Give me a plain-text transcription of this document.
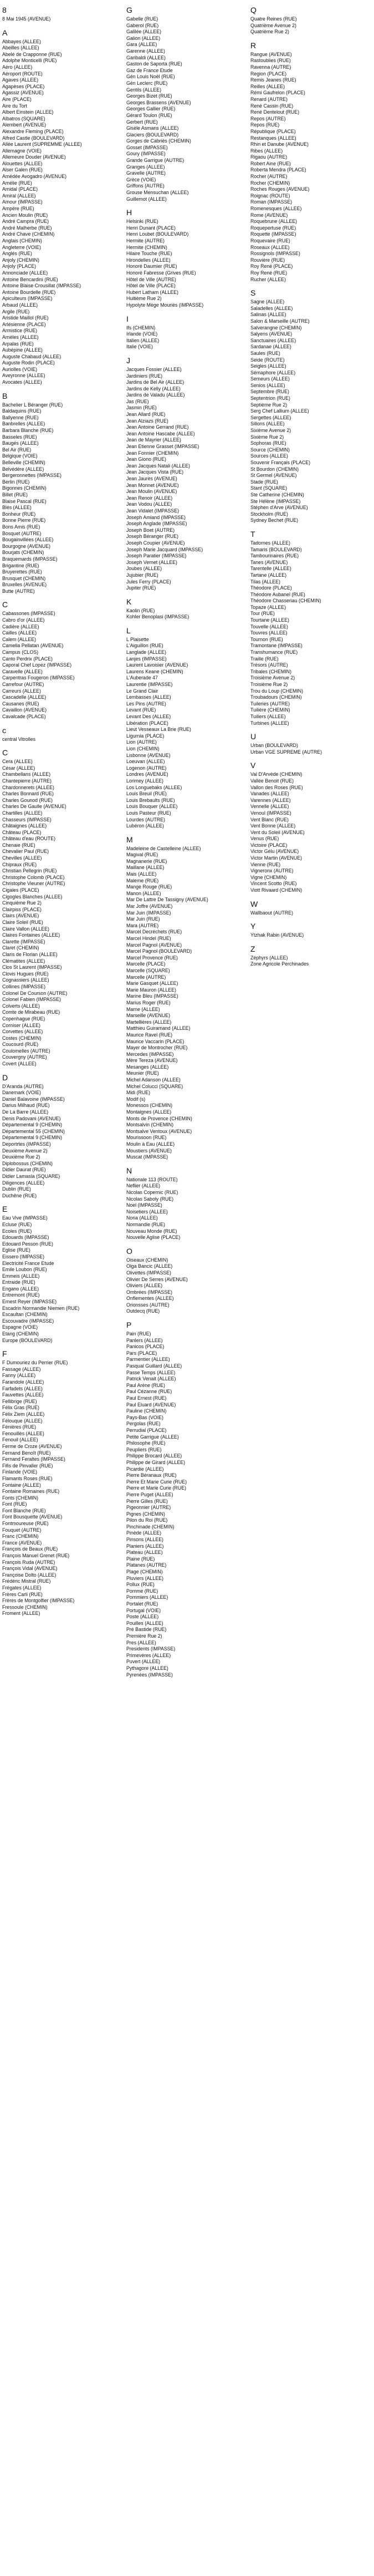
8
8 Mai 1945 (AVENUE)
A
Abbayes (ALLEE)
Abeilles (ALLEE)
Abelé de Crapponne (RUE)
Adolphe Monticelli (RUE)
Aéro (ALLEE)
Aéroport (ROUTE)
Agaves (ALLEE)
Agapèses (PLACE)
Agassiz (AVENUE)
Aire (PLACE)
Aire du Tort
Albert Einstein (ALLEE)
Albatros (SQUARE)
Alembert (AVENUE)
Alexandre Fleming (PLACE)
Alfred Castle (BOULEVARD)
Allée Laurent (SUPREMME (ALLEE)
Allemagne (VOIE)
Allemeure Douder (AVENUE)
Alouettes (ALLEE)
Alser Galen (RUE)
Amédée Avogadro (AVENUE)
Amélie (RUE)
Amidal (PLACE)
Amiral (ALLEE)
Amour (IMPASSE)
Ampère (RUE)
Ancien Moulin (RUE)
André Campra (RUE)
André Malherbe (RUE)
André Chave (CHEMIN)
Anglais (CHEMIN)
Angleterre (VOIE)
Anglés (RUE)
Anjoly (CHEMIN)
Anjoly (PLACE)
Annonciade (ALLEE)
Antoine Bencardini (RUE)
Antoine Blaise Crousillat (IMPASSE)
Antoine Bourdelle (RUE)
Apiculteurs (IMPASSE)
Arbaud (ALLEE)
Argile (RUE)
Aristide Maillol (RUE)
Arlésienne (PLACE)
Armistice (RUE)
Arnèles (ALLEE)
Arpalas (RUE)
Aubépine (ALLEE)
Auguste Chabaud (ALLEE)
Auguste Rodin (PLACE)
Auriolles (VOIE)
Aveyronne (ALLEE)
Avocates (ALLEE)
B
Bachelier L Béranger (RUE)
Baldaquins (RUE)
Ballyenne (RUE)
Banbrelles (ALLEE)
Barbara Blanche (RUE)
Basseles (RUE)
Baugés (ALLEE)
Bel Air (RUE)
Belgique (VOIE)
Belleville (CHEMIN)
Belvédère (ALLEE)
Bergeronnettes (IMPASSE)
Berlin (RUE)
Bigonnes (CHEMIN)
Billet (RUE)
Blaise Pascal (RUE)
Blés (ALLEE)
Bonheur (RUE)
Bonne Pierre (RUE)
Bons Amis (RUE)
Bosquet (AUTRE)
Bougainvillées (ALLEE)
Bourgogne (AVENUE)
Bourjats (CHEMIN)
Braquemards (IMPASSE)
Brigantine (RUE)
Bruyerettes (RUE)
Brusquet (CHEMIN)
Bruxelles (AVENUE)
Butte (AUTRE)
C
Cabassones (IMPASSE)
Cabro d'or (ALLEE)
Cadière (ALLEE)
Cailles (ALLEE)
Calem (ALLEE)
Camelia Pellatan (AVENUE)
Campus (CLOS)
Canto Perdrix (PLACE)
Caporal Chef Lopez (IMPASSE)
Caravelle (ALLEE)
Carpentras Fougeron (IMPASSE)
Carrefour (AUTRE)
Carreurs (ALLEE)
Cascadelle (ALLEE)
Causanes (RUE)
Cavaillon (AVENUE)
Cavalcade (PLACE)
c
central Vitrolles
C
Cera (ALLEE)
César (ALLEE)
Chambellans (ALLEE)
Chantepierre (AUTRE)
Chardonnerets (ALLEE)
Charles Bonnard (RUE)
Charles Gounod (RUE)
Charles De Gaulle (AVENUE)
Chartilles (ALLEE)
Chasseurs (IMPASSE)
Châtaignes (ALLEE)
Château (PLACE)
Château d'eau (ROUTE)
Chenaie (RUE)
Chevalier Paul (RUE)
Chevilles (ALLEE)
Chipraux (RUE)
Christian Pellegrin (RUE)
Christophe Colomb (PLACE)
Christophe Vieuner (AUTRE)
Cigales (PLACE)
Cigogles Blanches (ALLEE)
Cinquième Rue 2)
Clairpiss (PLACE)
Clairs (AVENUE)
Claire Soleil (RUE)
Claire Vallon (ALLEE)
Claires Fontaines (ALLEE)
Clarette (IMPASSE)
Claret (CHEMIN)
Claris de Florian (ALLEE)
Clématites (ALLEE)
Clos St Laurent (IMPASSE)
Clovis Hugues (RUE)
Cognassiers (ALLEE)
Collines (IMPASSE)
Colonel De Courson (AUTRE)
Colonel Fabien (IMPASSE)
Colverts (ALLEE)
Comte de Mirabeau (RUE)
Copenhague (RUE)
Corniser (ALLEE)
Corvettes (ALLEE)
Costes (CHEMIN)
Coucourd (RUE)
Coulomelles (AUTRE)
Couvergny (AUTRE)
Covert (ALLEE)
D
D'Aranda (AUTRE)
Danemark (VOIE)
Daniel Balavoine (IMPASSE)
Darius Milhaud (RUE)
De La Barre (ALLEE)
Denis Padovani (AVENUE)
Départemental 9 (CHEMIN)
Départemental 55 (CHEMIN)
Départemental 9 (CHEMIN)
Deportrtes (IMPASSE)
Deuxième Avenue 2)
Deuxième Rue 2)
Diplobossus (CHEMIN)
Didier Daurat (RUE)
Didier Lamasla (SQUARE)
Diligences (ALLEE)
Dublin (RUE)
Duchêne (RUE)
E
Eau Vive (IMPASSE)
Ecluse (RUE)
Ecoles (RUE)
Edouards (IMPASSE)
Edouard Pesson (RUE)
Eglise (RUE)
Eissero (IMPASSE)
Electricité France Etude
Emile Loubon (RUE)
Emmeis (ALLEE)
Entraide (RUE)
Engano (ALLEE)
Entremont (RUE)
Ernest Reyer (IMPASSE)
Escadrin Normandie Niemen (RUE)
Escaultan (CHEMIN)
Escouvadre (IMPASSE)
Espagne (VOIE)
Etang (CHEMIN)
Europe (BOULEVARD)
F
F Dumouriez du Perrier (RUE)
Fassage (ALLEE)
Fanny (ALLEE)
Farandole (ALLEE)
Farfadets (ALLEE)
Fauvettes (ALLEE)
Fellibrige (RUE)
Félix Gras (RUE)
Félix Ziem (ALLEE)
Félouque (ALLEE)
Fénières (RUE)
Fenouillès (ALLEE)
Fenouil (ALLEE)
Ferme de Croze (AVENUE)
Fernand Benoît (RUE)
Fernand Feraltes (IMPASSE)
Fifis de Pinvaller (RUE)
Finlande (VOIE)
Flamants Roses (RUE)
Fontaine (ALLEE)
Fontaine Romaines (RUE)
Fonts (CHEMIN)
Font (RUE)
Font Blanche (RUE)
Font Bousquette (AVENUE)
Fontmoureuse (RUE)
Fouquet (AUTRE)
Franc (CHEMIN)
France (AVENUE)
François de Beaux (RUE)
François Manuel Grenet (RUE)
François Ruda (AUTRE)
François Vidal (AVENUE)
Françoise Dolto (ALLEE)
Frédéric Mistral (RUE)
Frégates (ALLEE)
Frères Carli (RUE)
Frères de Montgolfier (IMPASSE)
Fressoule (CHEMIN)
Froment (ALLEE)
G
Gabelle (RUE)
Gaberol (RUE)
Galilée (ALLEE)
Galion (ALLEE)
Gara (ALLEE)
Garenne (ALLEE)
Garibaldi (ALLEE)
Gaston de Saporta (RUE)
Gaz de France Etude
Gén Louis Noël (RUE)
Gén Leclerc (RUE)
Gentils (ALLEE)
Georges Bizet (RUE)
Georges Brassens (AVENUE)
Georges Gallier (RUE)
Gérard Toulon (RUE)
Gerbert (RUE)
Gisèle Asmans (ALLEE)
Glaciers (BOULEVARD)
Gorges de Cabriès (CHEMIN)
Gosset (IMPASSE)
Goury (IMPASSE)
Grande Garrigue (AUTRE)
Granges (ALLEE)
Gravelle (AUTRE)
Grèce (VOIE)
Griffons (AUTRE)
Grouse Mensuchan (ALLEE)
Guillemot (ALLEE)
H
Helsinki (RUE)
Henri Dunant (PLACE)
Henri Loubet (BOULEVARD)
Hermite (AUTRE)
Hermite (CHEMIN)
Hilaire Touche (RUE)
Hirondelles (ALLEE)
Honoré Daumier (RUE)
Honoré Fabresse (Grives (RUE)
Hôtel de Ville (AUTRE)
Hôtel de Ville (PLACE)
Hubert Latham (ALLEE)
Huitième Rue 2)
Hypolyte Mège Mouriès (IMPASSE)
I
Ifs (CHEMIN)
Irlande (VOIE)
Italien (ALLEE)
Italie (VOIE)
J
Jacques Fossier (ALLEE)
Jardiniers (RUE)
Jardins de Bel Air (ALLEE)
Jardins de Kelly (ALLEE)
Jardins de Valadu (ALLEE)
Jas (RUE)
Jasmin (RUE)
Jean Allard (RUE)
Jean Alziazs (RUE)
Jean Antoine Gerrand (RUE)
Jean Antoine Hascabe (ALLEE)
Jean de Mayrier (ALLEE)
Jean Etienne Grasset (IMPASSE)
Jean Fonnier (CHEMIN)
Jean Giono (RUE)
Jean Jacques Natali (ALLEE)
Jean Jacques Vista (RUE)
Jean Jaurès (AVENUE)
Jean Monnet (AVENUE)
Jean Moulin (AVENUE)
Jean Renoir (ALLEE)
Jean Vodou (ALLEE)
Jean Vidalet (IMPASSE)
Joseph Amiand (IMPASSE)
Joseph Anglade (IMPASSE)
Joseph Boet (AUTRE)
Joseph Béranger (RUE)
Joseph Coupier (AVENUE)
Joseph Marie Jacquard (IMPASSE)
Joseph Paratier (IMPASSE)
Joseph Vernet (ALLEE)
Joubes (ALLEE)
Jujubier (RUE)
Jules Ferry (PLACE)
Jupiter (RUE)
K
Kaolin (RUE)
Kohler Benoplasi (IMPASSE)
L
L Plaisette
L'Aiguillon (RUE)
Langlade (ALLEE)
Lanjes (IMPASSE)
Laurent Lavoisier (AVENUE)
Laurens Keane (CHEMIN)
L'Auberade 47
Laurentie (IMPASSE)
Le Grand Clair
Lembasses (ALLEE)
Les Pins (AUTRE)
Levant (RUE)
Levant Des (ALLEE)
Libération (PLACE)
Lieut Vesseaux La Brie (RUE)
Ligurnia (PLACE)
Lion (AUTRE)
Lion (CHEMIN)
Lisbonne (AVENUE)
Loeuvan (ALLEE)
Logenon (AUTRE)
Londres (AVENUE)
Lorimey (ALLEE)
Los Longuebaks (ALLEE)
Louis Breuil (RUE)
Louis Brebaults (RUE)
Louis Bouquer (ALLEE)
Louis Pasteur (RUE)
Lourdes (AUTRE)
Lubéron (ALLEE)
M
Madeleine de Castelleine (ALLEE)
Magival (RUE)
Magnanerie (RUE)
Maillane (ALLEE)
Mais (ALLEE)
Maleme (RUE)
Mange Rouge (RUE)
Manon (ALLEE)
Mar De Lattre De Tassigny (AVENUE)
Mar Joffre (AVENUE)
Mar Juin (IMPASSE)
Mar Juin (RUE)
Mara (AUTRE)
Marcel Decréchets (RUE)
Marcel Hindel (RUE)
Marcel Pagnol (AVENUE)
Marcel Pagnol (BOULEVARD)
Marcel Provence (RUE)
Marcelle (PLACE)
Marcelle (SQUARE)
Marcelle (AUTRE)
Marie Gasquet (ALLEE)
Marie Mauron (ALLEE)
Marine Bleu (IMPASSE)
Marius Roger (RUE)
Marne (ALLEE)
Marseille (AVENUE)
Martellières (ALLEE)
Matthieu Guiramand (ALLEE)
Maurice Ravel (RUE)
Maurice Vaccarin (PLACE)
Mayer de Montrocher (RUE)
Mercedes (IMPASSE)
Mère Tereza (AVENUE)
Mesanges (ALLEE)
Meunier (RUE)
Michel Adanson (ALLEE)
Michel Colucci (SQUARE)
Midi (RUE)
Modif (s)
Monessos (CHEMIN)
Montaignes (ALLEE)
Monts de Provence (CHEMIN)
Montsalvin (CHEMIN)
Montsalve Ventoux (AVENUE)
Mourissoon (RUE)
Moulin à Eau (ALLEE)
Moustiers (AVENUE)
Muscat (IMPASSE)
N
Nationale 113 (ROUTE)
Neflier (ALLEE)
Nicolas Copernic (RUE)
Nicolas Saboly (RUE)
Noel (IMPASSE)
Noisetiers (ALLEE)
Noria (ALLEE)
Normandie (RUE)
Nouveau Monde (RUE)
Nouvelle Aglise (PLACE)
O
Oiseaux (CHEMIN)
Olga Bancic (ALLEE)
Olivettes (IMPASSE)
Olivier De Serres (AVENUE)
Oliviers (ALLEE)
Ombrées (IMPASSE)
Onflementes (ALLEE)
Orionsses (AUTRE)
Outdecq (RUE)
P
Pain (RUE)
Panlers (ALLEE)
Panicos (PLACE)
Pars (PLACE)
Parmentier (ALLEE)
Pasqual Guillard (ALLEE)
Passe Temps (ALLEE)
Patrick Venait (ALLEE)
Paul Arène (RUE)
Paul Cézanne (RUE)
Paul Ernest (RUE)
Paul Eluard (AVENUE)
Pauline (CHEMIN)
Pays-Bas (VOIE)
Pergolas (RUE)
Perrudial (PLACE)
Petite Garrigue (ALLEE)
Philosophe (RUE)
Peupliers (RUE)
Philippe Brocard (ALLEE)
Philippe de Girard (ALLEE)
Picardie (ALLEE)
Pierre Béranaux (RUE)
Pierre Et Marie Curie (RUE)
Pierre et Marie Curie (RUE)
Pierre Puget (ALLEE)
Pierre Gilles (RUE)
Pigeonnier (AUTRE)
Pignes (CHEMIN)
Pilon du Roi (RUE)
Pinchinade (CHEMIN)
Pinède (ALLEE)
Pinsons (ALLEE)
Planiers (ALLEE)
Plateau (ALLEE)
Plaine (RUE)
Platanes (AUTRE)
Plage (CHEMIN)
Pluviers (ALLEE)
Pollux (RUE)
Pomme (RUE)
Pommiers (ALLEE)
Portalet (RUE)
Portugal (VOIE)
Poste (ALLEE)
Pouilles (ALLEE)
Pré Bastide (RUE)
Première Rue 2)
Pres (ALLEE)
Presidents (IMPASSE)
Primevères (ALLEE)
Puvert (ALLEE)
Pythagore (ALLEE)
Pyrenées (IMPASSE)
Q
Quatre Reines (RUE)
Quatrième Avenue 2)
Quatrième Rue 2)
R
Rangue (AVENUE)
Rastoublies (RUE)
Ravenna (AUTRE)
Region (PLACE)
Remis Jeanes (RUE)
Reilles (ALLEE)
Rémi Gaufrelon (PLACE)
Renard (AUTRE)
René Cassin (RUE)
René Dentelout (RUE)
Repos (AUTRE)
Repos (RUE)
République (PLACE)
Restanques (ALLEE)
Rhin et Danube (AVENUE)
Ribes (ALLEE)
Rigaou (AUTRE)
Robert Aine (RUE)
Roberta Mendra (PLACE)
Rocher (AUTRE)
Rocher (CHEMIN)
Roches Rouges (AVENUE)
Roignac (ROUTE)
Roman (IMPASSE)
Romenesques (ALLEE)
Rome (AVENUE)
Roquebrune (ALLEE)
Roquepertuse (RUE)
Roquette (IMPASSE)
Roquevaire (RUE)
Roseaux (ALLEE)
Rossignols (IMPASSE)
Rouvière (RUE)
Roy René (PLACE)
Roy René (RUE)
Rucher (ALLEE)
S
Sagne (ALLEE)
Saladelles (ALLEE)
Salinas (ALLEE)
Salon & Marseille (AUTRE)
Salverangne (CHEMIN)
Salyens (AVENUE)
Sanctuaires (ALLEE)
Sardanae (ALLEE)
Saules (RUE)
Seide (ROUTE)
Seigles (ALLEE)
Sémaphore (ALLEE)
Semeurs (ALLEE)
Senios (ALLEE)
Septembre (RUE)
Septentrion (RUE)
Septième Rue 2)
Serg Chef Lallium (ALLEE)
Sergettes (ALLEE)
Sillons (ALLEE)
Sixième Avenue 2)
Sixième Rue 2)
Sophoras (RUE)
Source (CHEMIN)
Sources (ALLEE)
Souvenir Français (PLACE)
St Bourdon (CHEMIN)
St Germel (AVENUE)
Stade (RUE)
Stant (SQUARE)
Ste Catherine (CHEMIN)
Ste Hélène (IMPASSE)
Stéphen d'Arve (AVENUE)
Stockholm (RUE)
Sydney Bechet (RUE)
T
Tadornes (ALLEE)
Tamaris (BOULEVARD)
Tambourinaires (RUE)
Tanes (AVENUE)
Tarentelle (ALLEE)
Tartane (ALLEE)
Tilas (ALLEE)
Théodore (PLACE)
Théodore Aubanel (RUE)
Théodore Chasseriau (CHEMIN)
Topaze (ALLEE)
Tour (RUE)
Tourtane (ALLEE)
Touvelle (ALLEE)
Touvres (ALLEE)
Tournon (RUE)
Tramontane (IMPASSE)
Transhumance (RUE)
Traille (RUE)
Trésors (AUTRE)
Tribales (CHEMIN)
Troisième Avenue 2)
Troisième Rue 2)
Trou du Loup (CHEMIN)
Troubadours (CHEMIN)
Tuileries (AUTRE)
Tuilière (CHEMIN)
Tuiliers (ALLEE)
Turbines (ALLEE)
U
Urban (BOULEVARD)
Urban VGE SUPREME (AUTRE)
V
Val D'Arvède (CHEMIN)
Vallée Benoit (RUE)
Vallon des Roses (RUE)
Vanades (ALLEE)
Varennes (ALLEE)
Vennelle (ALLEE)
Venoul (IMPASSE)
Vent Blanc (RUE)
Vent Bonne (ALLEE)
Vent du Soleil (AVENUE)
Venus (RUE)
Victoire (PLACE)
Victor Gélu (AVENUE)
Victor Martin (AVENUE)
Vienne (RUE)
Vigneronx (AUTRE)
Vigne (CHEMIN)
Vincent Scotto (RUE)
Viott Rivaard (CHEMIN)
W
Wallbaout (AUTRE)
Y
Ytzhak Rabin (AVENUE)
Z
Zéphyrs (ALLEE)
Zone Agricole Perchinades
